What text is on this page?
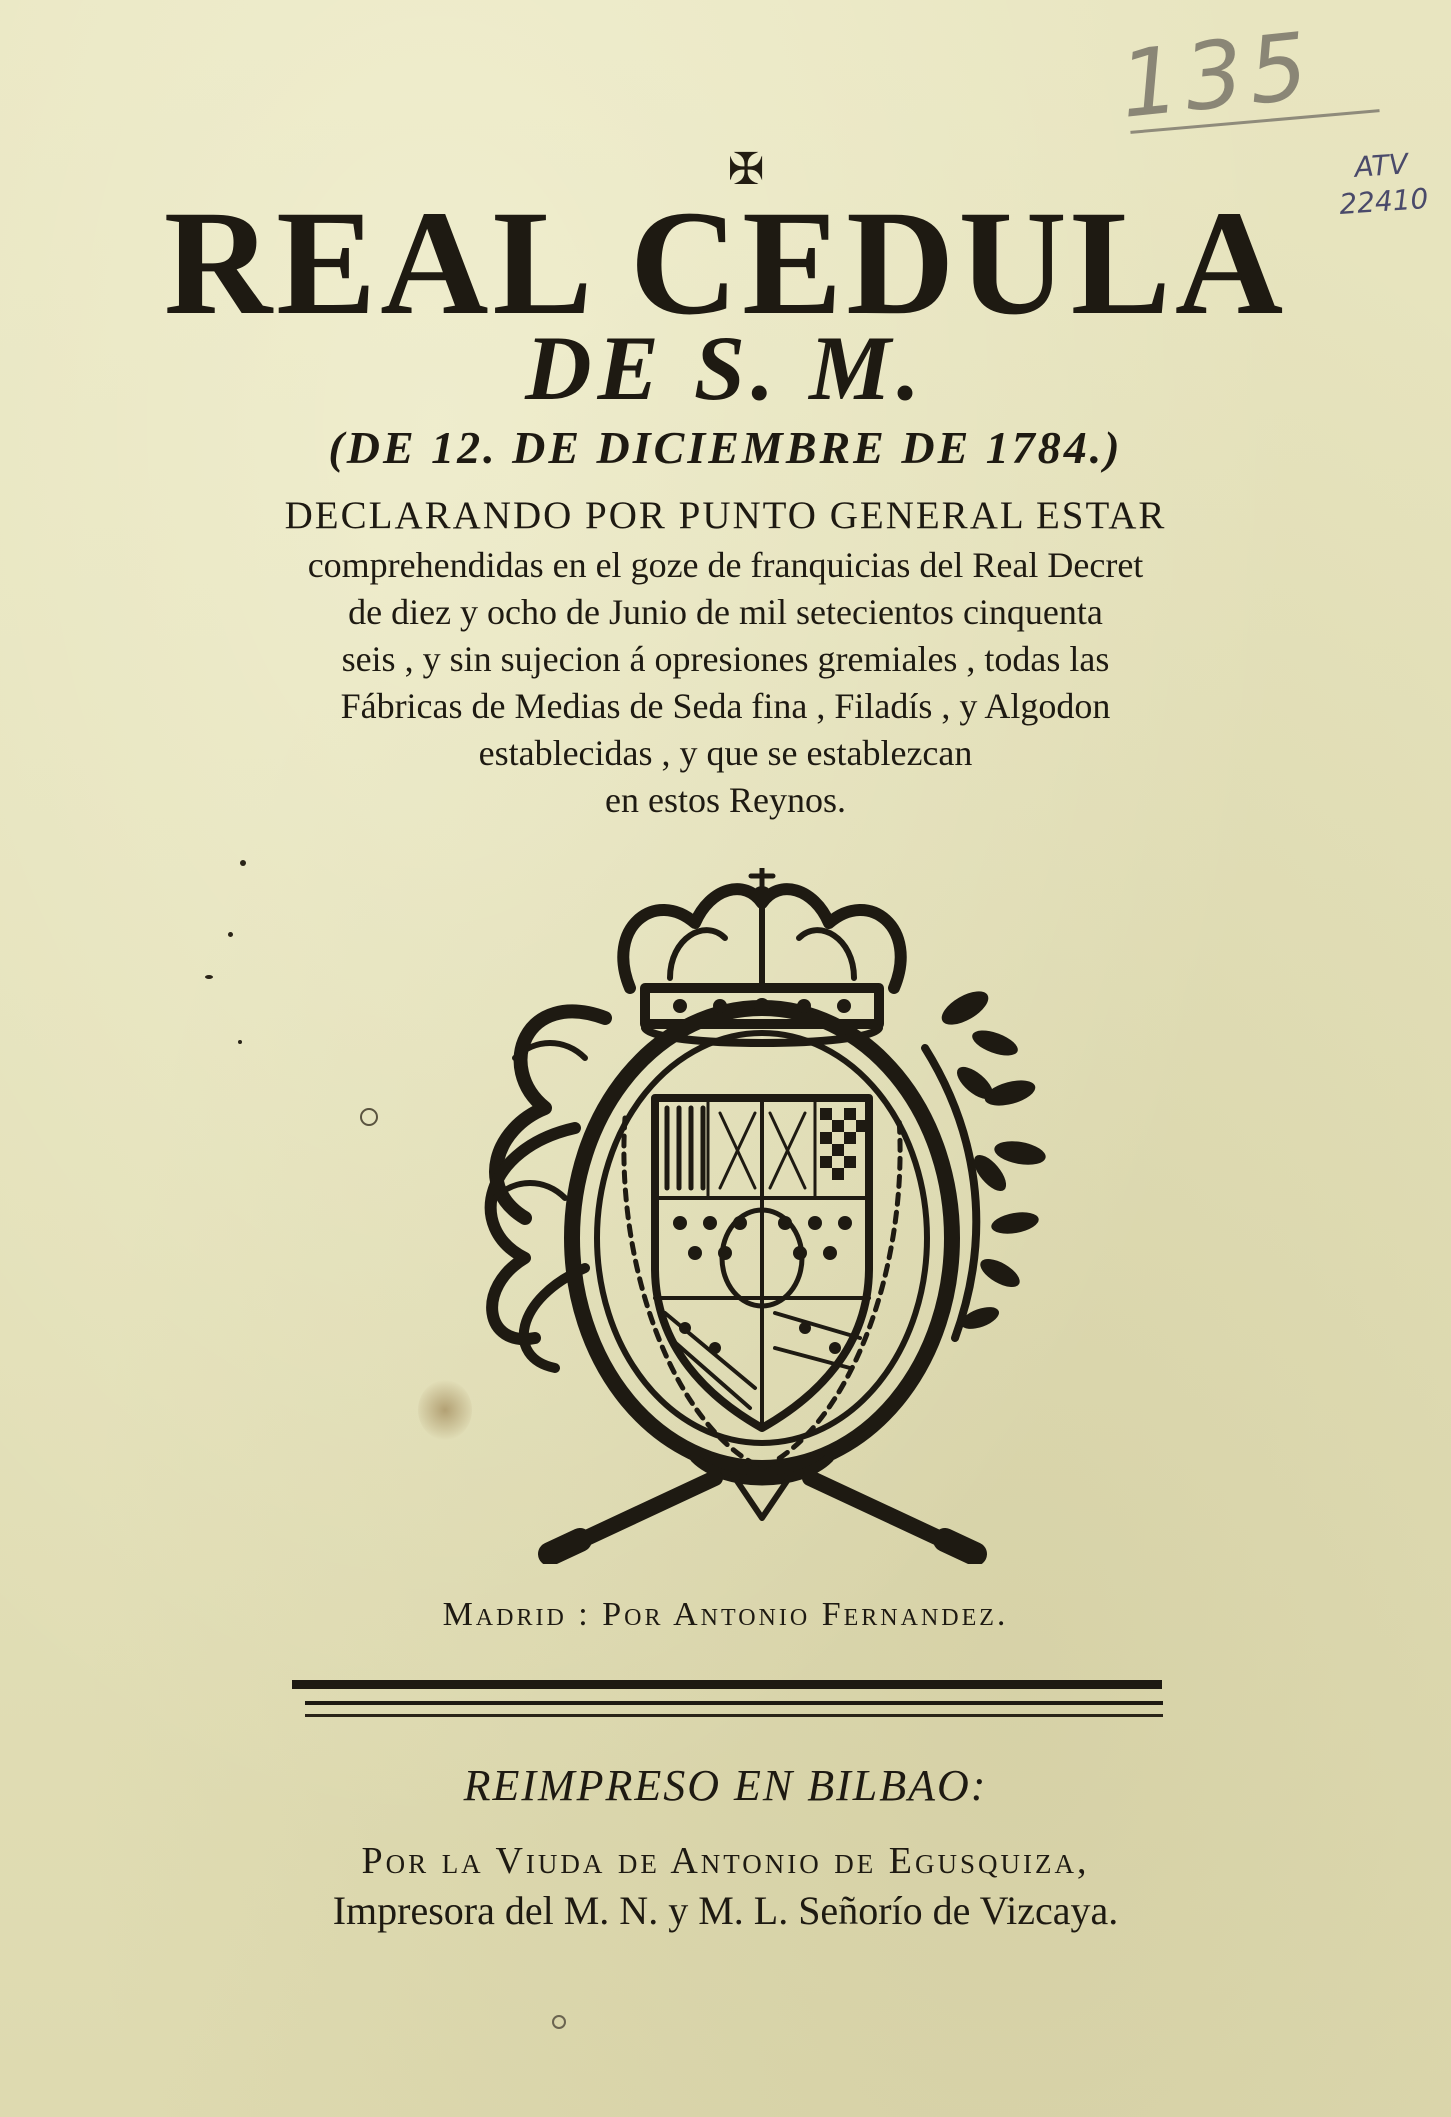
135
ATV
22410
✠
REAL CEDULA
DE S. M.
(DE 12. DE DICIEMBRE DE 1784.)
DECLARANDO POR PUNTO GENERAL ESTAR
comprehendidas en el goze de franquicias del Real Decret
de diez y ocho de Junio de mil setecientos cinquenta
seis , y sin sujecion á opresiones gremiales , todas las
Fábricas de Medias de Seda fina , Filadís , y Algodon
establecidas , y que se establezcan
en estos Reynos.
Madrid : Por Antonio Fernandez.
REIMPRESO EN BILBAO:
Por la Viuda de Antonio de Egusquiza,
Impresora del M. N. y M. L. Señorío de Vizcaya.
